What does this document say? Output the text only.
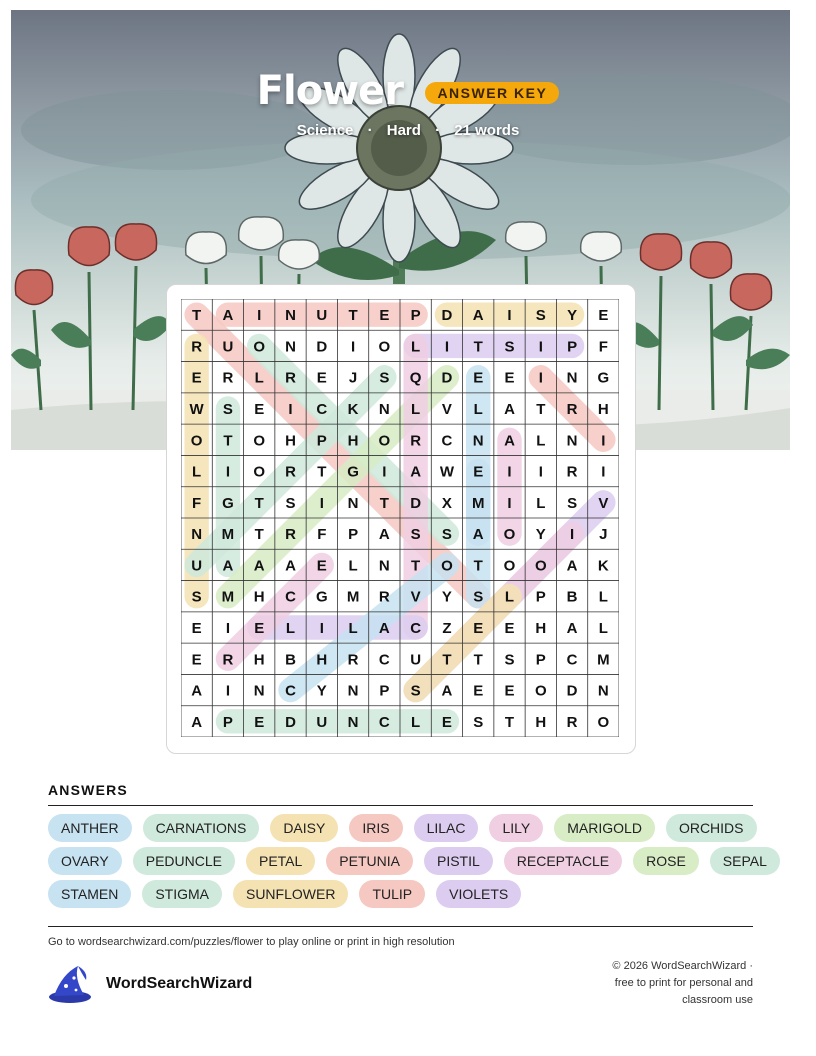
Flower ANSWER KEY
Science · Hard · 21 words
T A I N U T E P D A I S Y E
R U O N D I O L I T S I P F
E R L R E J S Q D E E I N G
W S E I C K N L V L A T R H
O T O H P H O R C N A L N I
L I O R T G I A W E I I R I
F G T S I N T D X M I L S V
N M T R F P A S S A O Y I J
U A A A E L N T O T O O A K
S M H C G M R V Y S L P B L
E I E L I L A C Z E E H A L
E R H B H R C U T T S P C M
A I N C Y N P S A E E O D N
A P E D U N C L E S T H R O
ANSWERS
ANTHER	CARNATIONS	DAISY	IRIS	LILAC	LILY	MARIGOLD	ORCHIDS
OVARY	PEDUNCLE	PETAL	PETUNIA	PISTIL	RECEPTACLE	ROSE	SEPAL
STAMEN	STIGMA	SUNFLOWER	TULIP	VIOLETS
Go to wordsearchwizard.com/puzzles/flower to play online or print in high resolution
WordSearchWizard
© 2026 WordSearchWizard ·
free to print for personal and
classroom use
